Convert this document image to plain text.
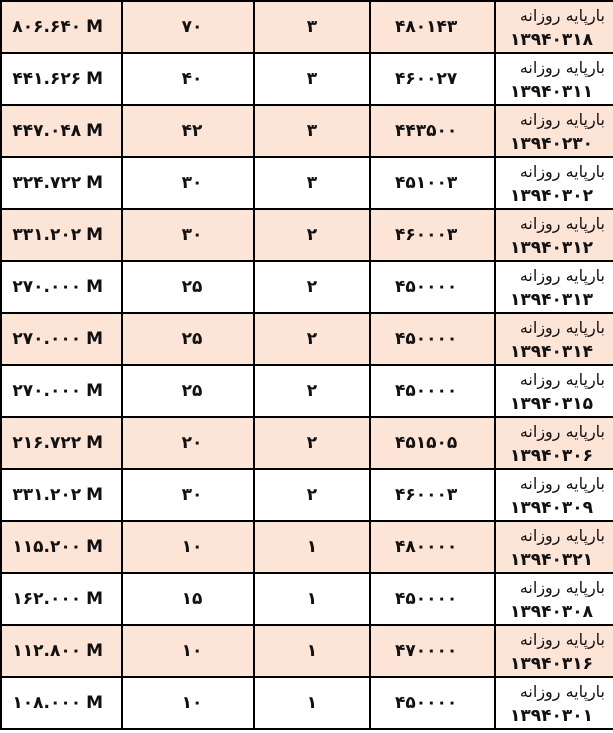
۸۰۶.۶۴۰ M	۷۰	۳	۴۸۰۱۴۳	بارپایه روزانه
۱۳۹۴۰۳۱۸

۴۴۱.۶۲۶ M	۴۰	۳	۴۶۰۰۲۷	بارپایه روزانه
۱۳۹۴۰۳۱۱

۴۴۷.۰۴۸ M	۴۲	۳	۴۴۳۵۰۰	بارپایه روزانه
۱۳۹۴۰۲۳۰

۳۲۴.۷۲۲ M	۳۰	۳	۴۵۱۰۰۳	بارپایه روزانه
۱۳۹۴۰۳۰۲

۳۳۱.۲۰۲ M	۳۰	۲	۴۶۰۰۰۳	بارپایه روزانه
۱۳۹۴۰۳۱۲

۲۷۰.۰۰۰ M	۲۵	۲	۴۵۰۰۰۰	بارپایه روزانه
۱۳۹۴۰۳۱۳

۲۷۰.۰۰۰ M	۲۵	۲	۴۵۰۰۰۰	بارپایه روزانه
۱۳۹۴۰۳۱۴

۲۷۰.۰۰۰ M	۲۵	۲	۴۵۰۰۰۰	بارپایه روزانه
۱۳۹۴۰۳۱۵

۲۱۶.۷۲۲ M	۲۰	۲	۴۵۱۵۰۵	بارپایه روزانه
۱۳۹۴۰۳۰۶

۳۳۱.۲۰۲ M	۳۰	۲	۴۶۰۰۰۳	بارپایه روزانه
۱۳۹۴۰۳۰۹

۱۱۵.۲۰۰ M	۱۰	۱	۴۸۰۰۰۰	بارپایه روزانه
۱۳۹۴۰۳۲۱

۱۶۲.۰۰۰ M	۱۵	۱	۴۵۰۰۰۰	بارپایه روزانه
۱۳۹۴۰۳۰۸

۱۱۲.۸۰۰ M	۱۰	۱	۴۷۰۰۰۰	بارپایه روزانه
۱۳۹۴۰۳۱۶

۱۰۸.۰۰۰ M	۱۰	۱	۴۵۰۰۰۰	بارپایه روزانه
۱۳۹۴۰۳۰۱
